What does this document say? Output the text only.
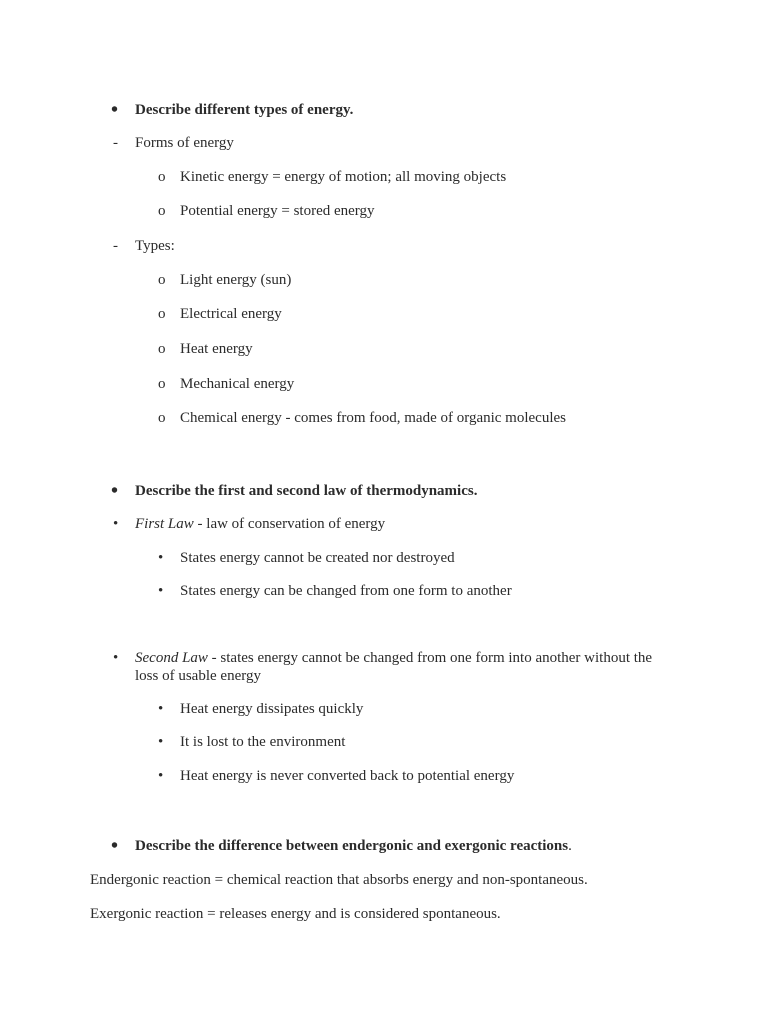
• Describe different types of energy.
- Forms of energy
o Kinetic energy = energy of motion; all moving objects
o Potential energy = stored energy
- Types:
o Light energy (sun)
o Electrical energy
o Heat energy
o Mechanical energy
o Chemical energy - comes from food, made of organic molecules
• Describe the first and second law of thermodynamics.
• First Law - law of conservation of energy
• States energy cannot be created nor destroyed
• States energy can be changed from one form to another
• Second Law - states energy cannot be changed from one form into another without the loss of usable energy
• Heat energy dissipates quickly
• It is lost to the environment
• Heat energy is never converted back to potential energy
• Describe the difference between endergonic and exergonic reactions.
Endergonic reaction = chemical reaction that absorbs energy and non-spontaneous.
Exergonic reaction = releases energy and is considered spontaneous.
